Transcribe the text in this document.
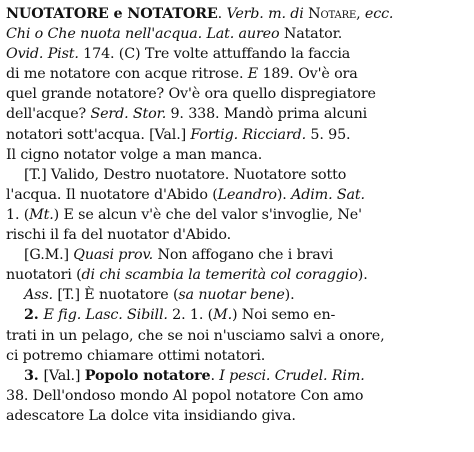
NUOTATORE e NOTATORE. Verb. m. di Notare, ecc.
Chi o Che nuota nell'acqua. Lat. aureo Natator.
Ovid. Pist. 174. (C) Tre volte attuffando la faccia
di me notatore con acque ritrose. E 189. Ov'è ora
quel grande notatore? Ov'è ora quello dispregiatore
dell'acque? Serd. Stor. 9. 338. Mandò prima alcuni
notatori sott'acqua. [Val.] Fortig. Ricciard. 5. 95.
Il cigno notator volge a man manca.
[T.] Valido, Destro nuotatore. Nuotatore sotto
l'acqua. Il nuotatore d'Abido (Leandro). Adim. Sat.
1. (Mt.) E se alcun v'è che del valor s'invoglie, Ne'
rischi il fa del nuotator d'Abido.
[G.M.] Quasi prov. Non affogano che i bravi
nuotatori (di chi scambia la temerità col coraggio).
Ass. [T.] È nuotatore (sa nuotar bene).
2. E fig. Lasc. Sibill. 2. 1. (M.) Noi semo en-
trati in un pelago, che se noi n'usciamo salvi a onore,
ci potremo chiamare ottimi notatori.
3. [Val.] Popolo notatore. I pesci. Crudel. Rim.
38. Dell'ondoso mondo Al popol notatore Con amo
adescatore La dolce vita insidiando giva.
